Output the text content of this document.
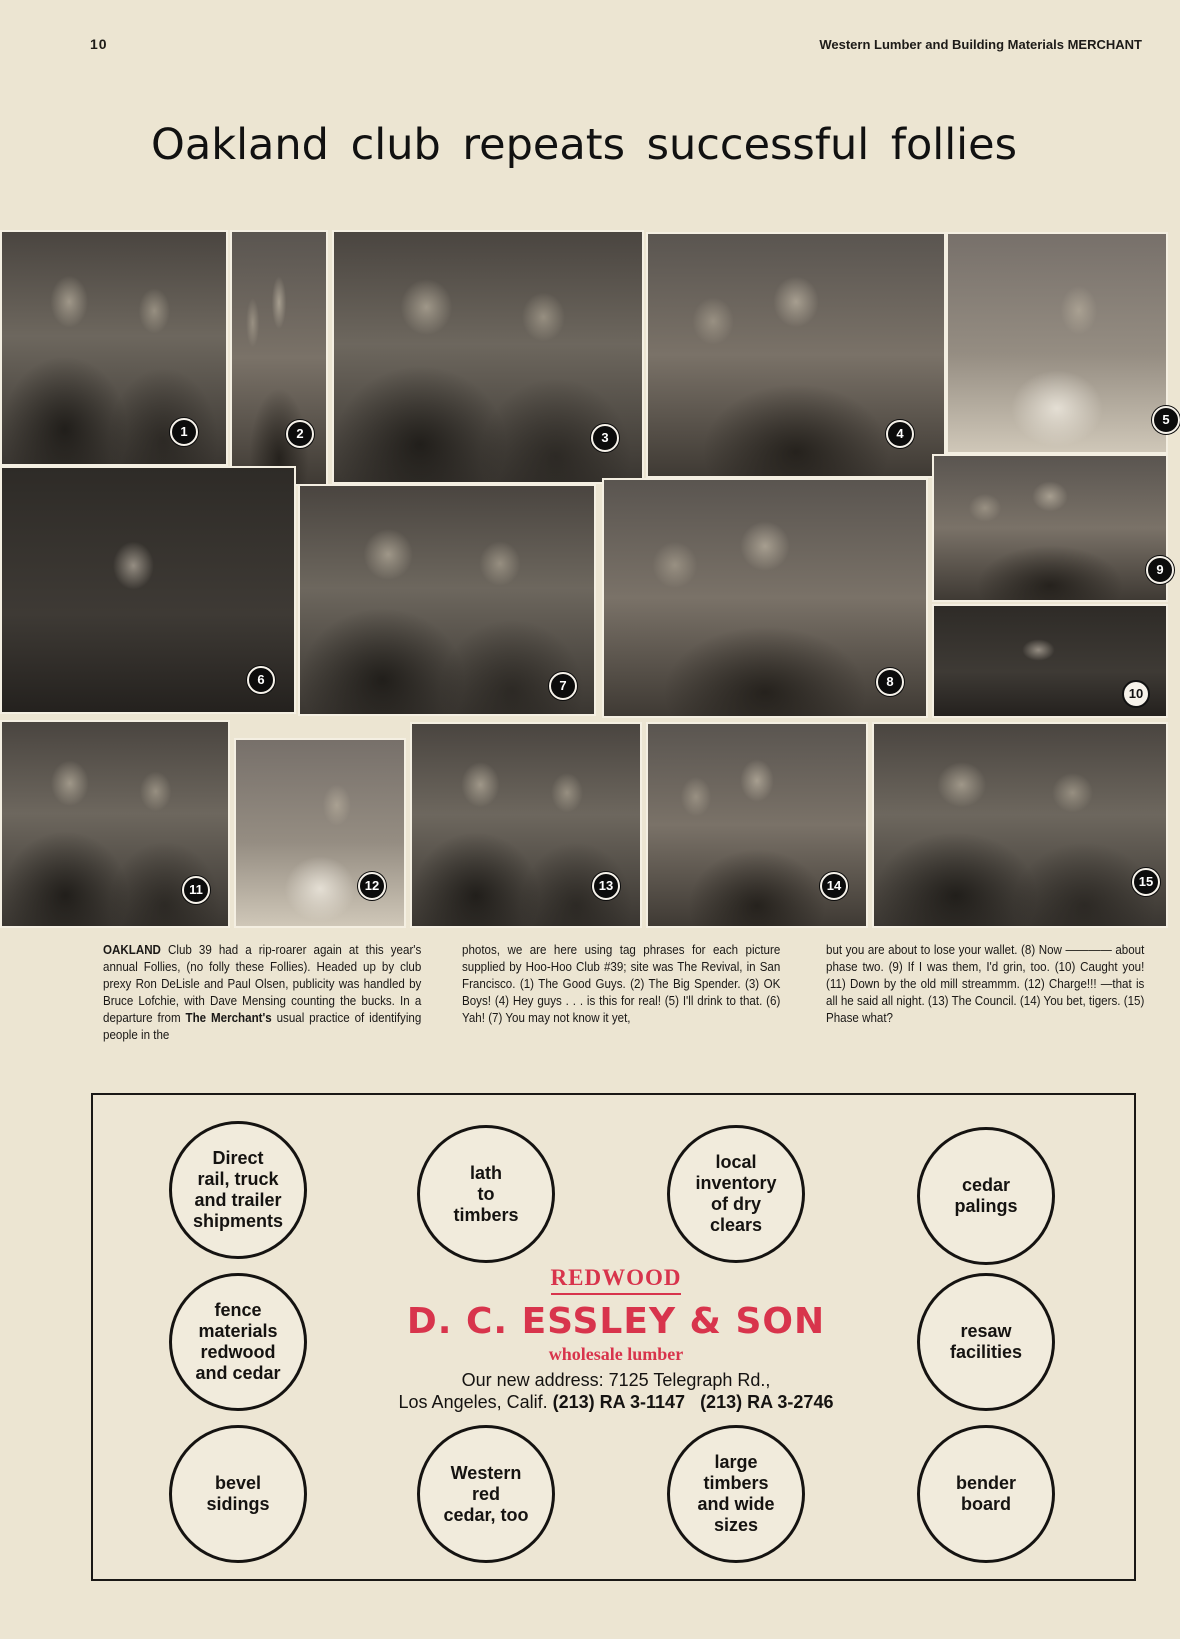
10	Western Lumber and Building Materials MERCHANT
Oakland club repeats successful follies
1	2	3	4
5
6	7	8
9
10
11	12	13	14	15
OAKLAND Club 39 had a rip-roarer again at this year's annual Follies, (no folly these Follies). Headed up by club prexy Ron DeLisle and Paul Olsen, publicity was handled by Bruce Lofchie, with Dave Mensing counting the bucks. In a departure from The Merchant's usual practice of identifying people in the
photos, we are here using tag phrases for each picture supplied by Hoo-Hoo Club #39; site was The Revival, in San Francisco. (1) The Good Guys. (2) The Big Spender. (3) OK Boys! (4) Hey guys . . . is this for real! (5) I'll drink to that. (6) Yah! (7) You may not know it yet,
but you are about to lose your wallet. (8) Now ———— about phase two. (9) If I was them, I'd grin, too. (10) Caught you! (11) Down by the old mill streammm. (12) Charge!!! —that is all he said all night. (13) The Council. (14) You bet, tigers. (15) Phase what?
Direct
rail, truck
and trailer
shipments
lath
to
timbers
local
inventory
of dry
clears
cedar
palings
fence
materials
redwood
and cedar
resaw
facilities
bevel
sidings
Western
red
cedar, too
large
timbers
and wide
sizes
bender
board
REDWOOD
D. C. ESSLEY & SON
wholesale lumber
Our new address: 7125 Telegraph Rd.,
Los Angeles, Calif. (213) RA 3-1147 (213) RA 3-2746
